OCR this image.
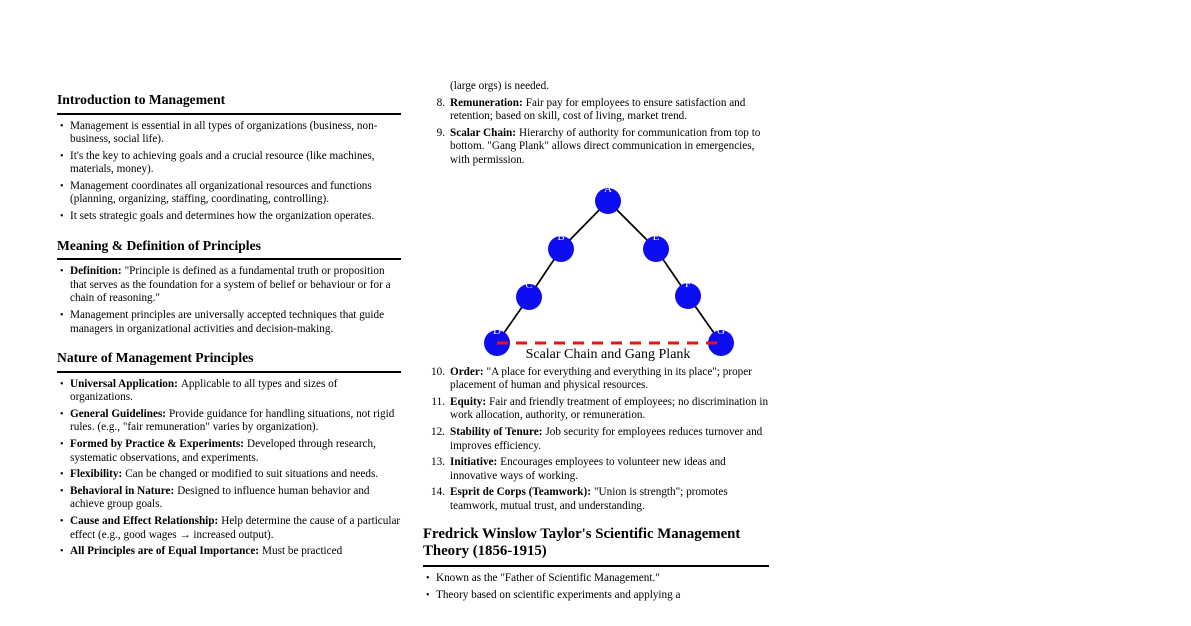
Introduction to Management
• Management is essential in all types of organizations (business, non-business, social life).
• It's the key to achieving goals and a crucial resource (like machines, materials, money).
• Management coordinates all organizational resources and functions (planning, organizing, staffing, coordinating, controlling).
• It sets strategic goals and determines how the organization operates.
Meaning & Definition of Principles
• Definition: "Principle is defined as a fundamental truth or proposition that serves as the foundation for a system of belief or behaviour or for a chain of reasoning."
• Management principles are universally accepted techniques that guide managers in organizational activities and decision-making.
Nature of Management Principles
• Universal Application: Applicable to all types and sizes of organizations.
• General Guidelines: Provide guidance for handling situations, not rigid rules. (e.g., "fair remuneration" varies by organization).
• Formed by Practice & Experiments: Developed through research, systematic observations, and experiments.
• Flexibility: Can be changed or modified to suit situations and needs.
• Behavioral in Nature: Designed to influence human behavior and achieve group goals.
• Cause and Effect Relationship: Help determine the cause of a particular effect (e.g., good wages → increased output).
• All Principles are of Equal Importance: Must be practiced
(large orgs) is needed.
8. Remuneration: Fair pay for employees to ensure satisfaction and retention; based on skill, cost of living, market trend.
9. Scalar Chain: Hierarchy of authority for communication from top to bottom. "Gang Plank" allows direct communication in emergencies, with permission.
A
B	E
C	F
D	G
Scalar Chain and Gang Plank
10. Order: "A place for everything and everything in its place"; proper placement of human and physical resources.
11. Equity: Fair and friendly treatment of employees; no discrimination in work allocation, authority, or remuneration.
12. Stability of Tenure: Job security for employees reduces turnover and improves efficiency.
13. Initiative: Encourages employees to volunteer new ideas and innovative ways of working.
14. Esprit de Corps (Teamwork): "Union is strength"; promotes teamwork, mutual trust, and understanding.
Fredrick Winslow Taylor's Scientific Management Theory (1856-1915)
• Known as the "Father of Scientific Management."
• Theory based on scientific experiments and applying a
